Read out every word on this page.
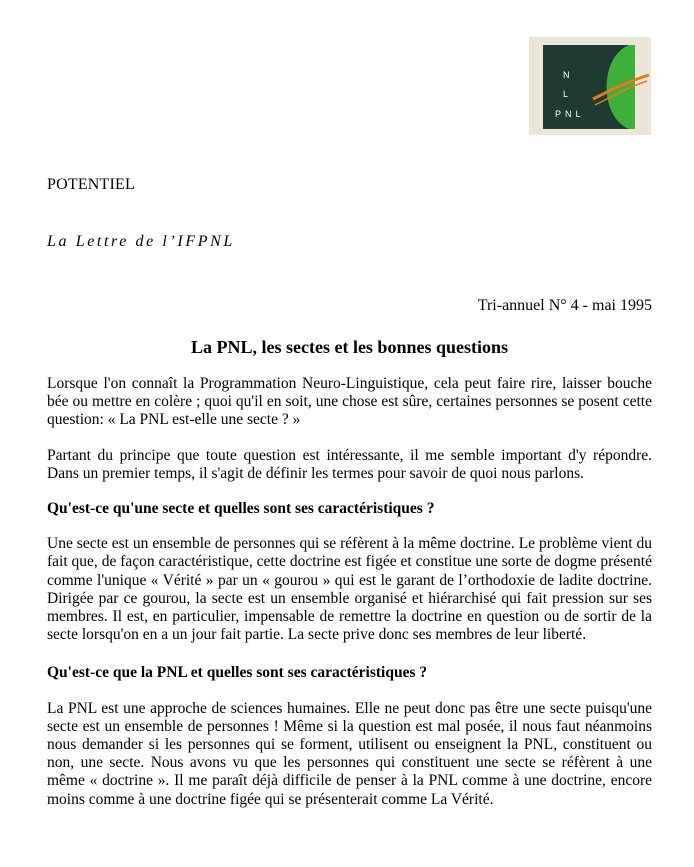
N
L
PNL
POTENTIEL
La Lettre de l’IFPNL
Tri-annuel N° 4 - mai 1995
La PNL, les sectes et les bonnes questions

Lorsque l'on connaît la Programmation Neuro-Linguistique, cela peut faire rire, laisser bouche bée ou mettre en colère ; quoi qu'il en soit, une chose est sûre, certaines personnes se posent cette question: « La PNL est-elle une secte ? »

Partant du principe que toute question est intéressante, il me semble important d'y répondre. Dans un premier temps, il s'agit de définir les termes pour savoir de quoi nous parlons.

Qu'est-ce qu'une secte et quelles sont ses caractéristiques ?

Une secte est un ensemble de personnes qui se réfèrent à la même doctrine. Le problème vient du fait que, de façon caractéristique, cette doctrine est figée et constitue une sorte de dogme présenté comme l'unique « Vérité » par un « gourou » qui est le garant de l’orthodoxie de ladite doctrine. Dirigée par ce gourou, la secte est un ensemble organisé et hiérarchisé qui fait pression sur ses membres. Il est, en particulier, impensable de remettre la doctrine en question ou de sortir de la secte lorsqu'on en a un jour fait partie. La secte prive donc ses membres de leur liberté.

Qu'est-ce que la PNL et quelles sont ses caractéristiques ?

La PNL est une approche de sciences humaines. Elle ne peut donc pas être une secte puisqu'une secte est un ensemble de personnes ! Même si la question est mal posée, il nous faut néanmoins nous demander si les personnes qui se forment, utilisent ou enseignent la PNL, constituent ou non, une secte. Nous avons vu que les personnes qui constituent une secte se réfèrent à une même « doctrine ». Il me paraît déjà difficile de penser à la PNL comme à une doctrine, encore moins comme à une doctrine figée qui se présenterait comme La Vérité.
